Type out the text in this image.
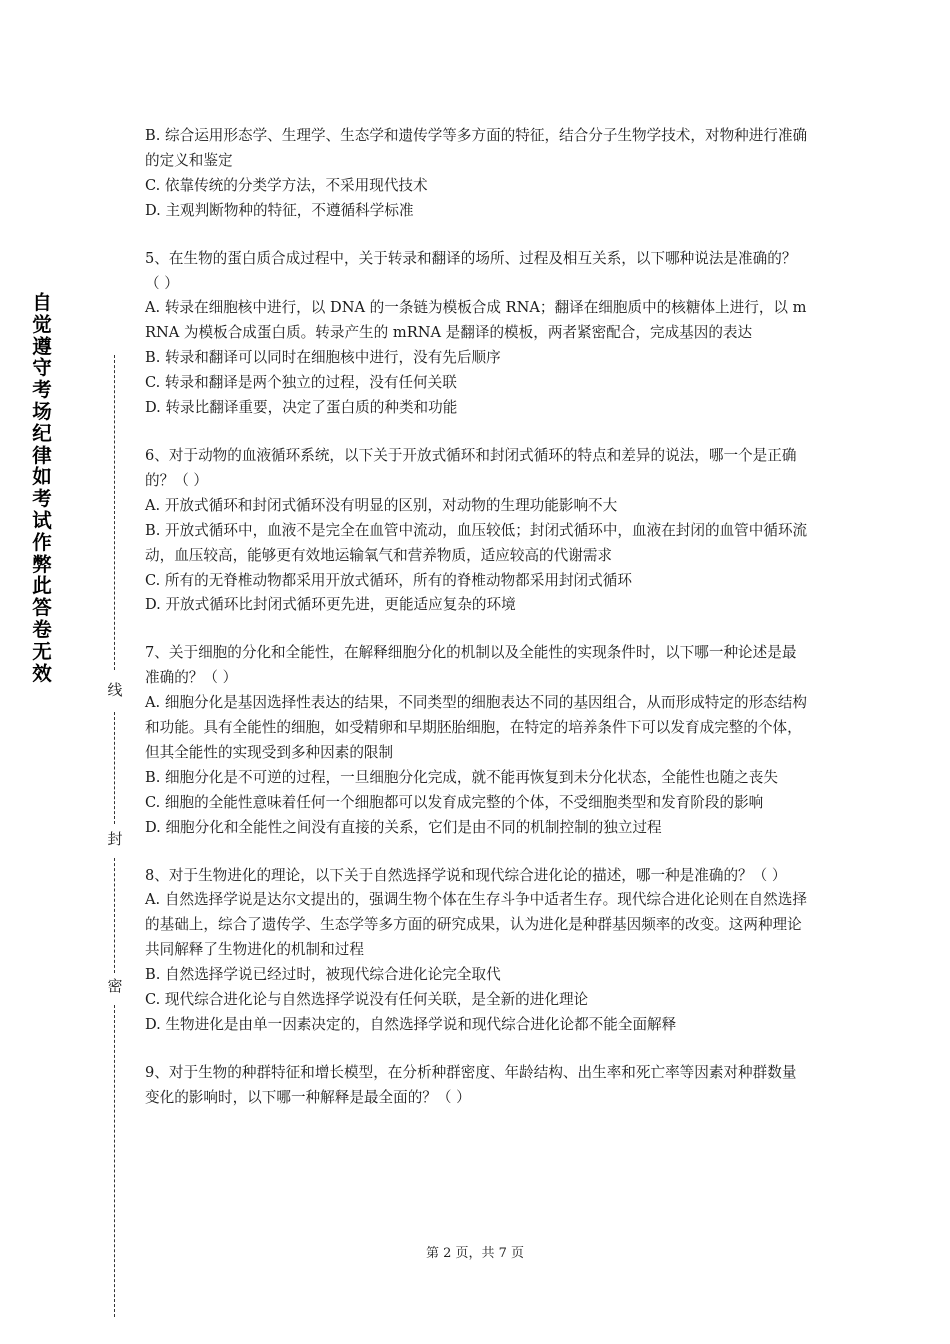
自觉遵守考场纪律如考试作弊此答卷无效
线
封
密

B. 综合运用形态学、生理学、生态学和遗传学等多方面的特征，结合分子生物学技术，对物种进行准确的定义和鉴定

C. 依靠传统的分类学方法，不采用现代技术

D. 主观判断物种的特征，不遵循科学标准

5、在生物的蛋白质合成过程中，关于转录和翻译的场所、过程及相互关系，以下哪种说法是准确的？（ ）

A. 转录在细胞核中进行，以 DNA 的一条链为模板合成 RNA；翻译在细胞质中的核糖体上进行，以 mRNA 为模板合成蛋白质。转录产生的 mRNA 是翻译的模板，两者紧密配合，完成基因的表达

B. 转录和翻译可以同时在细胞核中进行，没有先后顺序

C. 转录和翻译是两个独立的过程，没有任何关联

D. 转录比翻译重要，决定了蛋白质的种类和功能

6、对于动物的血液循环系统，以下关于开放式循环和封闭式循环的特点和差异的说法，哪一个是正确的？（ ）

A. 开放式循环和封闭式循环没有明显的区别，对动物的生理功能影响不大

B. 开放式循环中，血液不是完全在血管中流动，血压较低；封闭式循环中，血液在封闭的血管中循环流动，血压较高，能够更有效地运输氧气和营养物质，适应较高的代谢需求

C. 所有的无脊椎动物都采用开放式循环，所有的脊椎动物都采用封闭式循环

D. 开放式循环比封闭式循环更先进，更能适应复杂的环境

7、关于细胞的分化和全能性，在解释细胞分化的机制以及全能性的实现条件时，以下哪一种论述是最准确的？（ ）

A. 细胞分化是基因选择性表达的结果，不同类型的细胞表达不同的基因组合，从而形成特定的形态结构和功能。具有全能性的细胞，如受精卵和早期胚胎细胞，在特定的培养条件下可以发育成完整的个体，但其全能性的实现受到多种因素的限制

B. 细胞分化是不可逆的过程，一旦细胞分化完成，就不能再恢复到未分化状态，全能性也随之丧失

C. 细胞的全能性意味着任何一个细胞都可以发育成完整的个体，不受细胞类型和发育阶段的影响

D. 细胞分化和全能性之间没有直接的关系，它们是由不同的机制控制的独立过程

8、对于生物进化的理论，以下关于自然选择学说和现代综合进化论的描述，哪一种是准确的？（ ）

A. 自然选择学说是达尔文提出的，强调生物个体在生存斗争中适者生存。现代综合进化论则在自然选择的基础上，综合了遗传学、生态学等多方面的研究成果，认为进化是种群基因频率的改变。这两种理论共同解释了生物进化的机制和过程

B. 自然选择学说已经过时，被现代综合进化论完全取代

C. 现代综合进化论与自然选择学说没有任何关联，是全新的进化理论

D. 生物进化是由单一因素决定的，自然选择学说和现代综合进化论都不能全面解释

9、对于生物的种群特征和增长模型，在分析种群密度、年龄结构、出生率和死亡率等因素对种群数量变化的影响时，以下哪一种解释是最全面的？（ ）

第 2 页，共 7 页
